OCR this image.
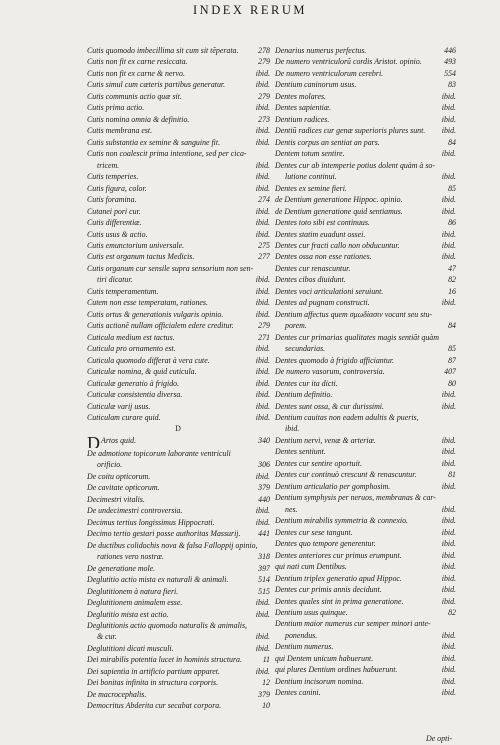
INDEX RERUM
Cutis quomodo imbecillima sit cum sit tẽperata. 278
Cutis non fit ex carne resiccata.	279
Cutis non fit ex carne & nervo.	ibid.
Cutis simul cum cæteris partibus generatur.	ibid.
Cutis communis actio quæ sit.	279
Cutis prima actio.	ibid.
Cutis nomina omnia & definitio.	273
Cutis membrana est.	ibid.
Cutis substantia ex semine & sanguine fit.	ibid.
Cutis non coalescit prima intentione, sed per cica-
tricem.	ibid.
Cutis temperies.	ibid.
Cutis figura, color.	ibid.
Cutis foramina.	274
Cutanei pori cur.	ibid.
Cutis differentiæ.	ibid.
Cutis usus & actio.	ibid.
Cutis emunctorium universale.	275
Cutis est organum tactus Medicis.	277
Cutis organum cur sensile supra sensorium non sen-
tiri dicatur.	ibid.
Cutis temperamentum.	ibid.
Cutem non esse temperatam, rationes.	ibid.
Cutis ortus & generationis vulgaris opinio.	ibid.
Cutis actionẽ nullam officialem edere creditur.	279
Cuticula medium est tactus.	271
Cuticula pro ornamento est.	ibid.
Cuticula quomodo differat à vera cute.	ibid.
Cuticulæ nomina, & quid cuticula.	ibid.
Cuticulæ generatio à frigido.	ibid.
Cuticulæ consistentia diversa.	ibid.
Cuticulæ varij usus.	ibid.
Cuticulam curare quid.	ibid.
D
DArtos quid.	340
De admotione topicorum laborante ventriculi
orificio.	306
De coitu opticorum.	ibid.
De cavitate opticorum.	379
Decimestri vitalis.	440
De undecimestri controversia.	ibid.
Decimus tertius longissimus Hippocrati.	ibid.
Decimo tertio gestari posse authoritas Massurij. 441
De ductibus colidochis nova & falsa Falloppij opinio,
rationes vero nostræ.	318
De generatione mole.	397
Deglutitio actio mista ex naturali & animali.	514
Deglutitionem à natura fieri.	515
Deglutitionem animalem esse.	ibid.
Deglutitio mista est actio.	ibid.
Deglutitionis actio quomodo naturalis & animalis,
& cur.	ibid.
Deglutitioni dicati musculi.	ibid.
Dei mirabilis potentia lucet in hominis structura.	11
Dei sapientia in artificio partium apparet.	ibid.
Dei bonitas infinita in structura corporis.	12
De macrocephalis.	379
Democritus Abderita cur secabat corpora.	10
Denarius numerus perfectus.	446
De numero ventriculorũ cordis Aristot. opinio.	493
De numero ventriculorum cerebri.	554
Dentium caninorum usus.	83
Dentes molares.	ibid.
Dentes sapientiæ.	ibid.
Dentium radices.	ibid.
Dentiũ radices cur genæ superioris plures sunt. ibid.
Dentis corpus an sentiat an pars.	84
Dentem totum sentire.	ibid.
Dentes cur ab intemperie potius dolent quàm à so-
lutione continui.	ibid.
Dentes ex semine fieri.	85
de Dentium generatione Hippoc. opinio.	ibid.
de Dentium generatione quid sentiamus.	ibid.
Dentes toto sibi est continuus.	86
Dentes statim euadunt ossei.	ibid.
Dentes cur fracti callo non obducuntur.	ibid.
Dentes ossa non esse rationes.	ibid.
Dentes cur renascuntur.	47
Dentes cibos diuidunt.	82
Dentes voci articulationi seruiunt.	16
Dentes ad pugnam constructi.	ibid.
Dentium affectus quem σμωδίασιν vocant seu stu-
porem.	84
Dentes cur primarias qualitates magis sentiãt quàm
secundarias.	85
Dentes quomodo à frigido afficiantur.	87
De numero vasorum, controversia.	407
Dentes cur ita dicti.	80
Dentium definitio.	ibid.
Dentes sunt ossa, & cur durissimi.	ibid.
Dentium cauitas non eadem adultis & pueris,
ibid.
Dentium nervi, venæ & arteriæ.	ibid.
Dentes sentiunt.	ibid.
Dentes cur sentire oportuit.	ibid.
Dentes cur continuò crescunt & renascuntur.	81
Dentium articulatio per gomphosim.	ibid.
Dentium symphysis per neruos, membranas & car-
nes.	ibid.
Dentium mirabilis symmetria & connexio.	ibid.
Dentes cur sese tangunt.	ibid.
Dentes quo tempore generentur.	ibid.
Dentes anteriores cur primus erumpunt.	ibid.
qui nati cum Dentibus.	ibid.
Dentium triplex generatio apud Hippoc.	ibid.
Dentes cur primis annis decidunt.	ibid.
Dentes quales sint in prima generatione.	ibid.
Dentium usus quinque.	82
Dentium maior numerus cur semper minori ante-
ponendus.	ibid.
Dentium numerus.	ibid.
qui Dentem unicum habuerunt.	ibid.
qui plures Dentium ordines habuerunt.	ibid.
Dentium incisorum nomina.	ibid.
Dentes canini.	ibid.
De opti-
